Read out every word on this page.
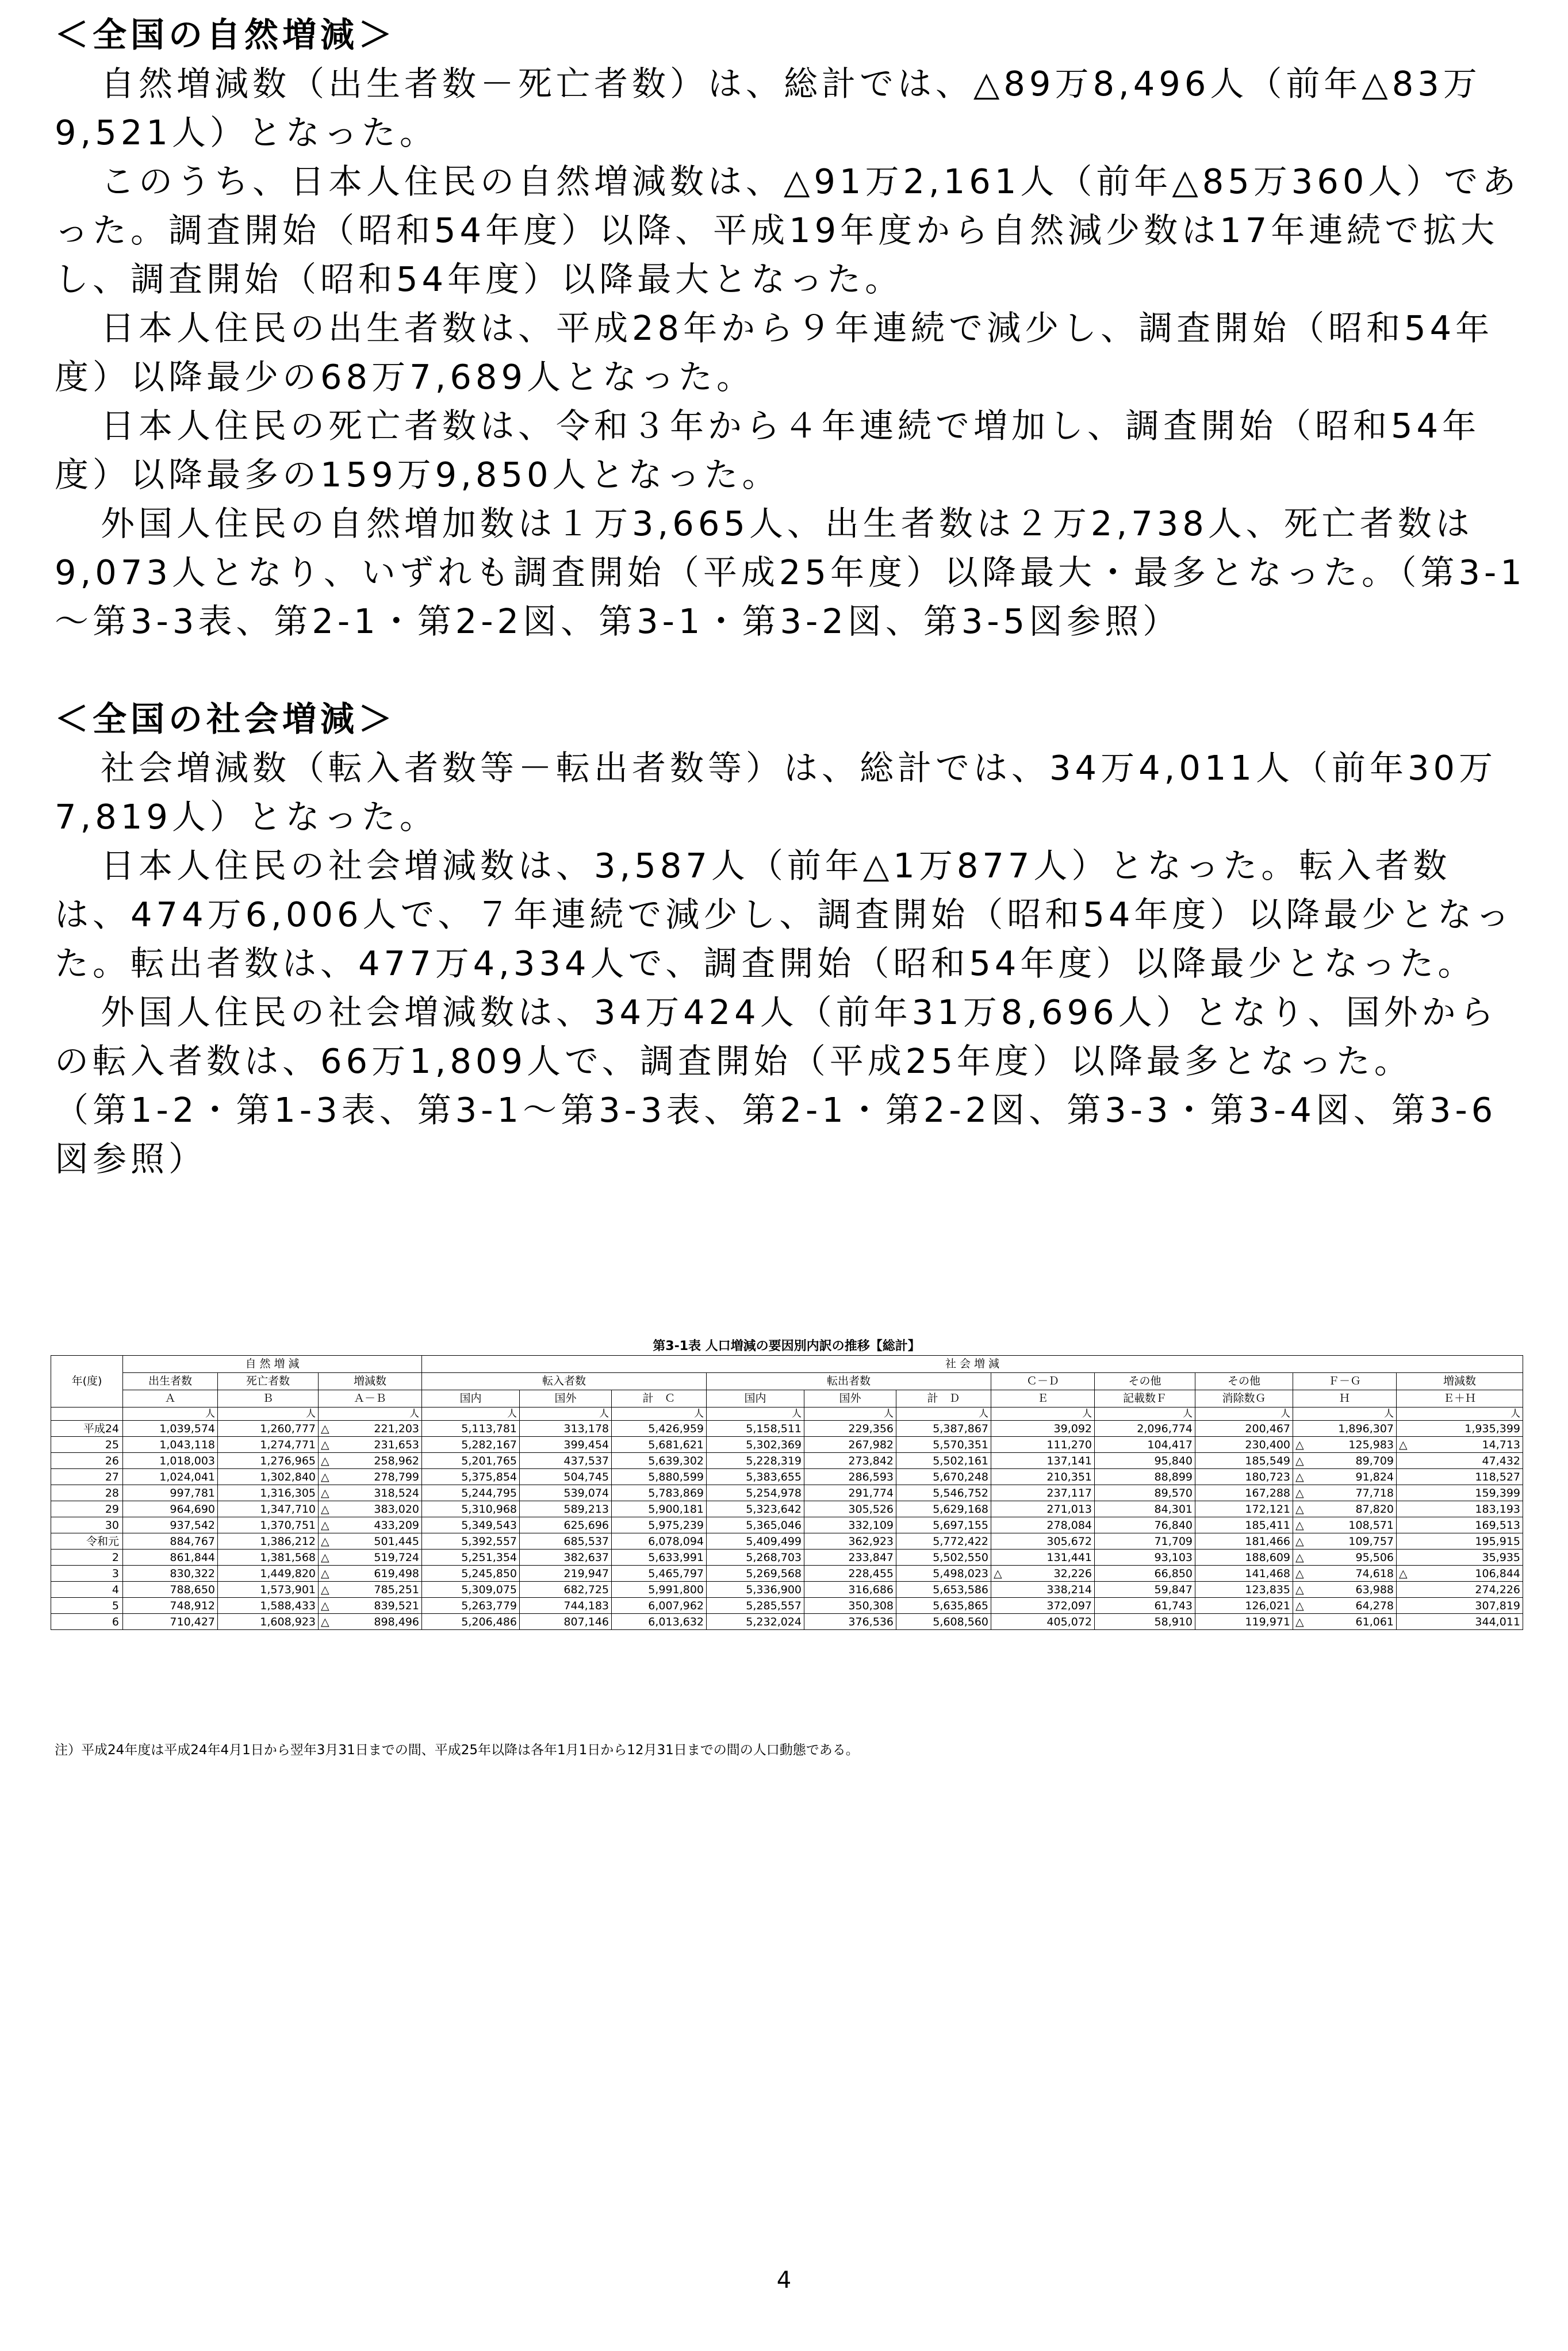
＜全国の自然増減＞

自然増減数（出生者数－死亡者数）は、総計では、△89万8,496人（前年△83万9,521人）となった。

このうち、日本人住民の自然増減数は、△91万2,161人（前年△85万360人）であった。調査開始（昭和54年度）以降、平成19年度から自然減少数は17年連続で拡大し、調査開始（昭和54年度）以降最大となった。

日本人住民の出生者数は、平成28年から９年連続で減少し、調査開始（昭和54年度）以降最少の68万7,689人となった。

日本人住民の死亡者数は、令和３年から４年連続で増加し、調査開始（昭和54年度）以降最多の159万9,850人となった。

外国人住民の自然増加数は１万3,665人、出生者数は２万2,738人、死亡者数は9,073人となり、いずれも調査開始（平成25年度）以降最大・最多となった。（第3-1～第3-3表、第2-1・第2-2図、第3-1・第3-2図、第3-5図参照）

＜全国の社会増減＞

社会増減数（転入者数等－転出者数等）は、総計では、34万4,011人（前年30万7,819人）となった。

日本人住民の社会増減数は、3,587人（前年△1万877人）となった。転入者数は、474万6,006人で、７年連続で減少し、調査開始（昭和54年度）以降最少となった。転出者数は、477万4,334人で、調査開始（昭和54年度）以降最少となった。

外国人住民の社会増減数は、34万424人（前年31万8,696人）となり、国外からの転入者数は、66万1,809人で、調査開始（平成25年度）以降最多となった。

（第1-2・第1-3表、第3-1～第3-3表、第2-1・第2-2図、第3-3・第3-4図、第3-6図参照）

第3-1表 人口増減の要因別内訳の推移【総計】
年(度)	自 然 増 減			社 会 増 減										
	出生者数	死亡者数	増減数	転入者数			転出者数			Ｃ－Ｄ	その他	その他	Ｆ－Ｇ	増減数
	Ａ	Ｂ	Ａ－Ｂ	国内	国外	計　Ｃ	国内	国外	計　Ｄ	Ｅ	記載数Ｆ	消除数Ｇ	Ｈ	Ｅ＋Ｈ
	人	人	人	人	人	人	人	人	人	人	人	人	人	人
平成24	1,039,574	1,260,777	△ 221,203	5,113,781	313,178	5,426,959	5,158,511	229,356	5,387,867	39,092	2,096,774	200,467	1,896,307	1,935,399
25	1,043,118	1,274,771	△ 231,653	5,282,167	399,454	5,681,621	5,302,369	267,982	5,570,351	111,270	104,417	230,400	△ 125,983	△ 14,713
26	1,018,003	1,276,965	△ 258,962	5,201,765	437,537	5,639,302	5,228,319	273,842	5,502,161	137,141	95,840	185,549	△ 89,709	47,432
27	1,024,041	1,302,840	△ 278,799	5,375,854	504,745	5,880,599	5,383,655	286,593	5,670,248	210,351	88,899	180,723	△ 91,824	118,527
28	997,781	1,316,305	△ 318,524	5,244,795	539,074	5,783,869	5,254,978	291,774	5,546,752	237,117	89,570	167,288	△ 77,718	159,399
29	964,690	1,347,710	△ 383,020	5,310,968	589,213	5,900,181	5,323,642	305,526	5,629,168	271,013	84,301	172,121	△ 87,820	183,193
30	937,542	1,370,751	△ 433,209	5,349,543	625,696	5,975,239	5,365,046	332,109	5,697,155	278,084	76,840	185,411	△ 108,571	169,513
令和元	884,767	1,386,212	△ 501,445	5,392,557	685,537	6,078,094	5,409,499	362,923	5,772,422	305,672	71,709	181,466	△ 109,757	195,915
2	861,844	1,381,568	△ 519,724	5,251,354	382,637	5,633,991	5,268,703	233,847	5,502,550	131,441	93,103	188,609	△ 95,506	35,935
3	830,322	1,449,820	△ 619,498	5,245,850	219,947	5,465,797	5,269,568	228,455	5,498,023	△ 32,226	66,850	141,468	△ 74,618	△ 106,844
4	788,650	1,573,901	△ 785,251	5,309,075	682,725	5,991,800	5,336,900	316,686	5,653,586	338,214	59,847	123,835	△ 63,988	274,226
5	748,912	1,588,433	△ 839,521	5,263,779	744,183	6,007,962	5,285,557	350,308	5,635,865	372,097	61,743	126,021	△ 64,278	307,819
6	710,427	1,608,923	△ 898,496	5,206,486	807,146	6,013,632	5,232,024	376,536	5,608,560	405,072	58,910	119,971	△ 61,061	344,011
注）平成24年度は平成24年4月1日から翌年3月31日までの間、平成25年以降は各年1月1日から12月31日までの間の人口動態である。
4
